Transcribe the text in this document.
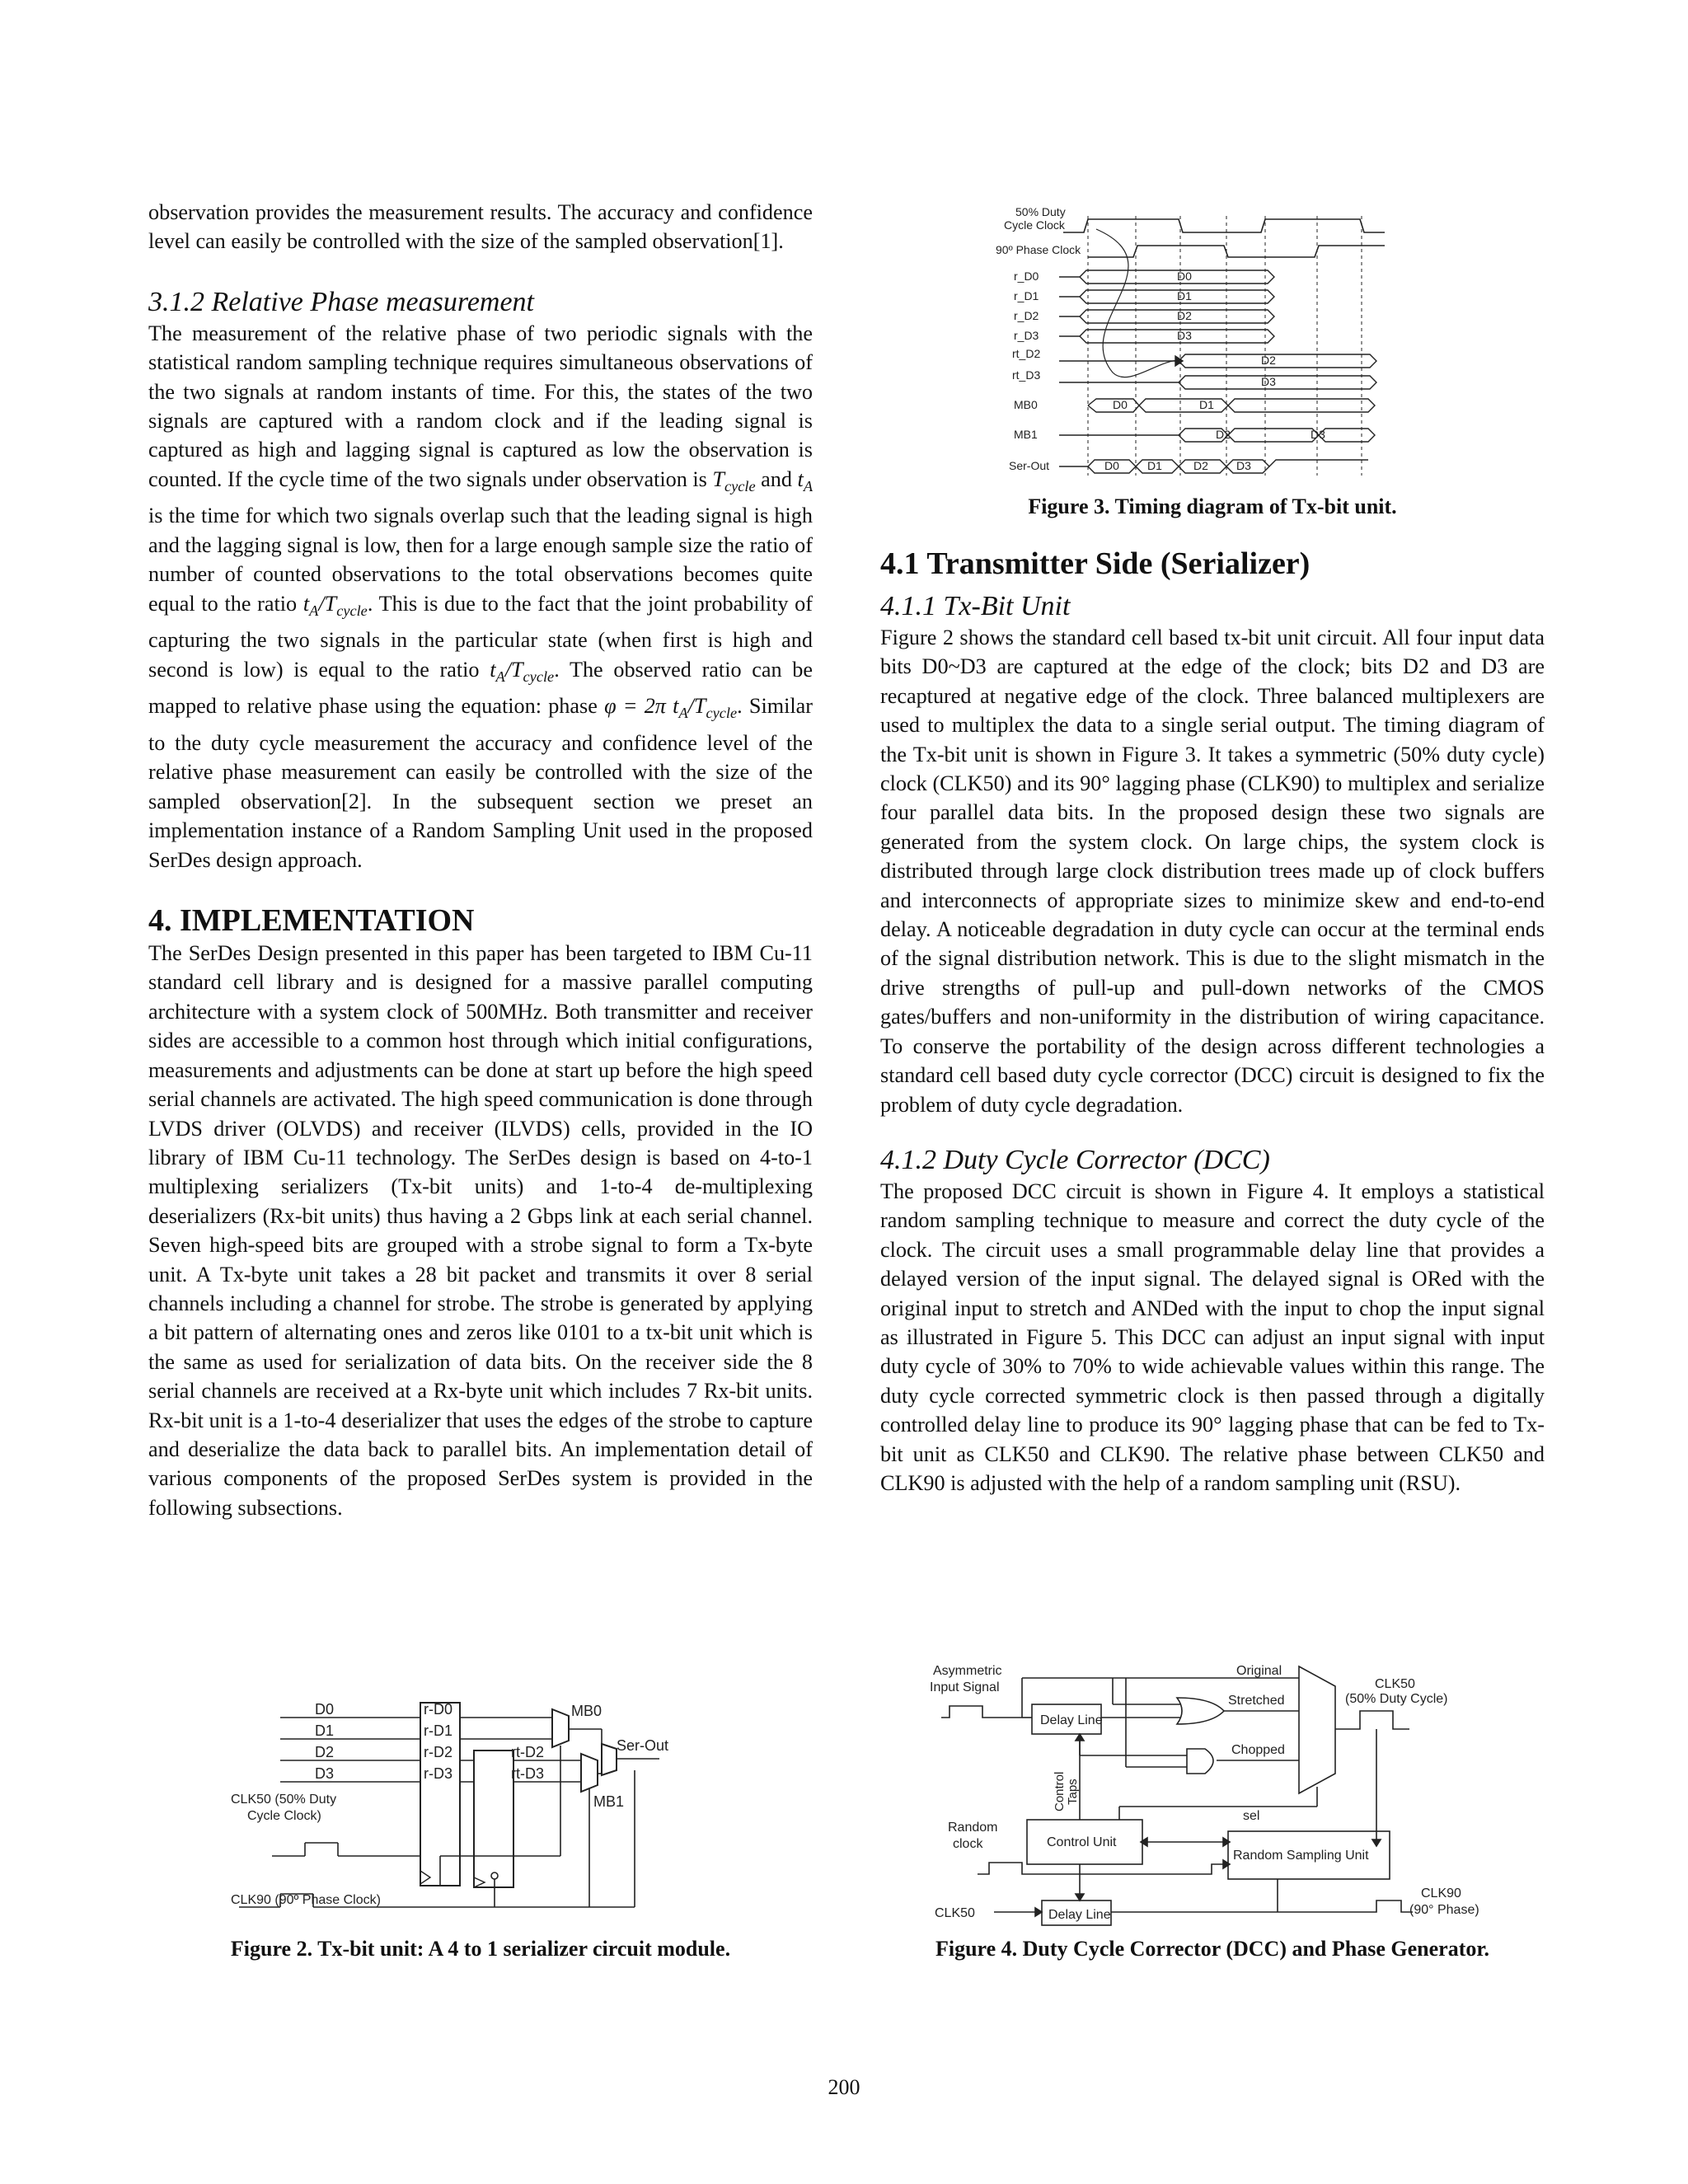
observation provides the measurement results. The accuracy and confidence level can easily be controlled with the size of the sampled observation[1].

3.1.2 Relative Phase measurement

The measurement of the relative phase of two periodic signals with the statistical random sampling technique requires simultaneous observations of the two signals at random instants of time. For this, the states of the two signals are captured with a random clock and if the leading signal is captured as high and lagging signal is captured as low the observation is counted. If the cycle time of the two signals under observation is $T_{cycle}$ and $t_A$ is the time for which two signals overlap such that the leading signal is high and the lagging signal is low, then for a large enough sample size the ratio of number of counted observations to the total observations becomes quite equal to the ratio $t_A/T_{cycle}$. This is due to the fact that the joint probability of capturing the two signals in the particular state (when first is high and second is low) is equal to the ratio $t_A/T_{cycle}$. The observed ratio can be mapped to relative phase using the equation: phase φ = 2π $t_A/T_{cycle}$. Similar to the duty cycle measurement the accuracy and confidence level of the relative phase measurement can easily be controlled with the size of the sampled observation[2]. In the subsequent section we preset an implementation instance of a Random Sampling Unit used in the proposed SerDes design approach.

4. IMPLEMENTATION

The SerDes Design presented in this paper has been targeted to IBM Cu-11 standard cell library and is designed for a massive parallel computing architecture with a system clock of 500MHz. Both transmitter and receiver sides are accessible to a common host through which initial configurations, measurements and adjustments can be done at start up before the high speed serial channels are activated. The high speed communication is done through LVDS driver (OLVDS) and receiver (ILVDS) cells, provided in the IO library of IBM Cu-11 technology. The SerDes design is based on 4-to-1 multiplexing serializers (Tx-bit units) and 1-to-4 de-multiplexing deserializers (Rx-bit units) thus having a 2 Gbps link at each serial channel. Seven high-speed bits are grouped with a strobe signal to form a Tx-byte unit. A Tx-byte unit takes a 28 bit packet and transmits it over 8 serial channels including a channel for strobe. The strobe is generated by applying a bit pattern of alternating ones and zeros like 0101 to a tx-bit unit which is the same as used for serialization of data bits. On the receiver side the 8 serial channels are received at a Rx-byte unit which includes 7 Rx-bit units. Rx-bit unit is a 1-to-4 deserializer that uses the edges of the strobe to capture and deserialize the data back to parallel bits. An implementation detail of various components of the proposed SerDes system is provided in the following subsections.

D0
D1
D2
D3
r-D0
r-D1
r-D2
r-D3
rt-D2
rt-D3
MB0
MB1
Ser-Out
CLK50 (50% Duty
Cycle Clock)
CLK90 (90º Phase Clock)
Figure 2. Tx-bit unit: A 4 to 1 serializer circuit module.
50% Duty
Cycle Clock
90º Phase Clock
r_D0
r_D1
r_D2
r_D3
rt_D2
rt_D3
MB0
MB1
Ser-Out
D0
D1
D2
D3
D2
D3
D0	D1
D2	D3
D0 D1	D2 D3
Figure 3. Timing diagram of Tx-bit unit.
4.1 Transmitter Side (Serializer)
4.1.1 Tx-Bit Unit

Figure 2 shows the standard cell based tx-bit unit circuit. All four input data bits D0~D3 are captured at the edge of the clock; bits D2 and D3 are recaptured at negative edge of the clock. Three balanced multiplexers are used to multiplex the data to a single serial output. The timing diagram of the Tx-bit unit is shown in Figure 3. It takes a symmetric (50% duty cycle) clock (CLK50) and its 90° lagging phase (CLK90) to multiplex and serialize four parallel data bits. In the proposed design these two signals are generated from the system clock. On large chips, the system clock is distributed through large clock distribution trees made up of clock buffers and interconnects of appropriate sizes to minimize skew and end-to-end delay. A noticeable degradation in duty cycle can occur at the terminal ends of the signal distribution network. This is due to the slight mismatch in the drive strengths of pull-up and pull-down networks of the CMOS gates/buffers and non-uniformity in the distribution of wiring capacitance. To conserve the portability of the design across different technologies a standard cell based duty cycle corrector (DCC) circuit is designed to fix the problem of duty cycle degradation.

4.1.2 Duty Cycle Corrector (DCC)

The proposed DCC circuit is shown in Figure 4. It employs a statistical random sampling technique to measure and correct the duty cycle of the clock. The circuit uses a small programmable delay line that provides a delayed version of the input signal. The delayed signal is ORed with the original input to stretch and ANDed with the input to chop the input signal as illustrated in Figure 5. This DCC can adjust an input signal with input duty cycle of 30% to 70% to wide achievable values within this range. The duty cycle corrected symmetric clock is then passed through a digitally controlled delay line to produce its 90° lagging phase that can be fed to Tx-bit unit as CLK50 and CLK90. The relative phase between CLK50 and CLK90 is adjusted with the help of a random sampling unit (RSU).

Asymmetric
Input Signal
Delay Line
Original
Stretched
Chopped
CLK50
(50% Duty Cycle)
Control Taps
Control Unit
sel
Random Sampling Unit
Random
clock
CLK90
(90° Phase)
CLK50	Delay Line
Figure 4. Duty Cycle Corrector (DCC) and Phase Generator.
200
